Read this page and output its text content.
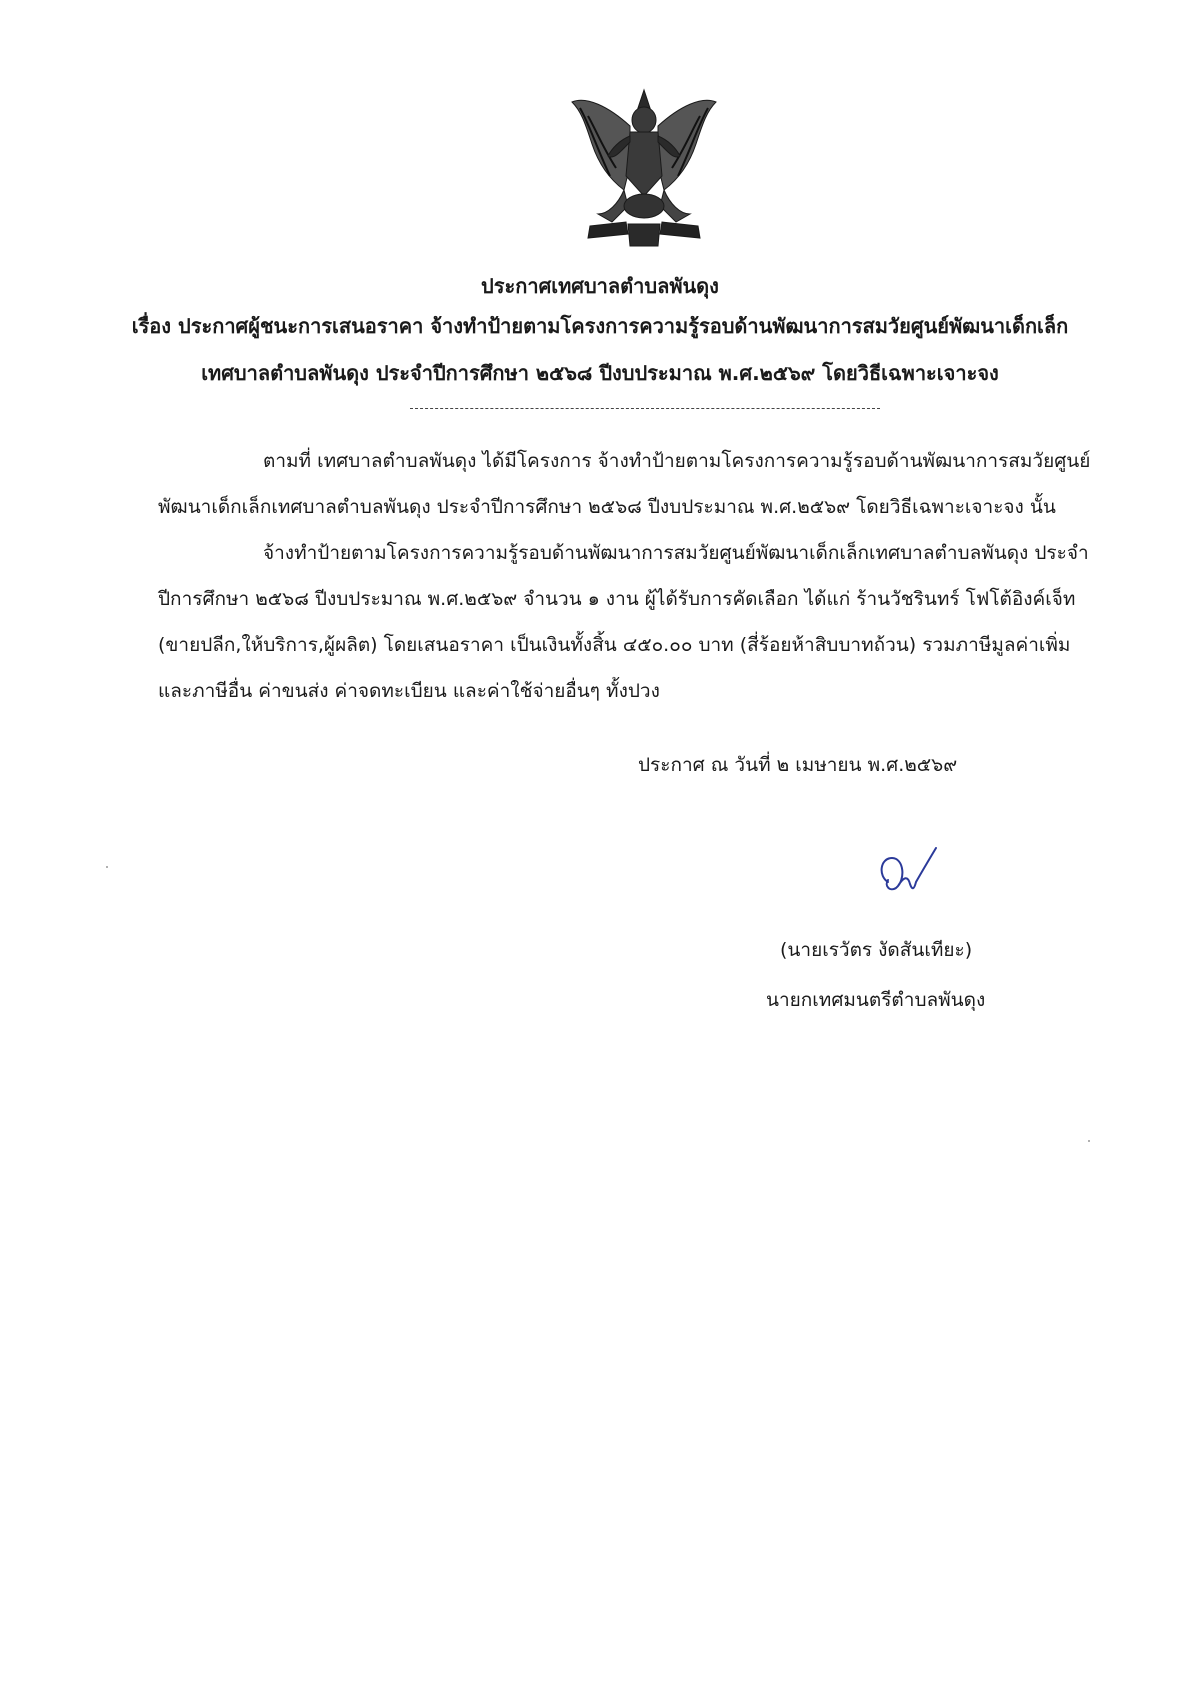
ประกาศเทศบาลตำบลพันดุง
เรื่อง ประกาศผู้ชนะการเสนอราคา จ้างทำป้ายตามโครงการความรู้รอบด้านพัฒนาการสมวัยศูนย์พัฒนาเด็กเล็ก
เทศบาลตำบลพันดุง ประจำปีการศึกษา ๒๕๖๘ ปีงบประมาณ พ.ศ.๒๕๖๙ โดยวิธีเฉพาะเจาะจง
ตามที่ เทศบาลตำบลพันดุง ได้มีโครงการ จ้างทำป้ายตามโครงการความรู้รอบด้านพัฒนาการสมวัยศูนย์
พัฒนาเด็กเล็กเทศบาลตำบลพันดุง ประจำปีการศึกษา ๒๕๖๘ ปีงบประมาณ พ.ศ.๒๕๖๙ โดยวิธีเฉพาะเจาะจง นั้น
จ้างทำป้ายตามโครงการความรู้รอบด้านพัฒนาการสมวัยศูนย์พัฒนาเด็กเล็กเทศบาลตำบลพันดุง ประจำ
ปีการศึกษา ๒๕๖๘ ปีงบประมาณ พ.ศ.๒๕๖๙ จำนวน ๑ งาน ผู้ได้รับการคัดเลือก ได้แก่ ร้านวัชรินทร์ โฟโต้อิงค์เจ็ท
(ขายปลีก,ให้บริการ,ผู้ผลิต) โดยเสนอราคา เป็นเงินทั้งสิ้น ๔๕๐.๐๐ บาท (สี่ร้อยห้าสิบบาทถ้วน) รวมภาษีมูลค่าเพิ่ม
และภาษีอื่น ค่าขนส่ง ค่าจดทะเบียน และค่าใช้จ่ายอื่นๆ ทั้งปวง
ประกาศ ณ วันที่ ๒ เมษายน พ.ศ.๒๕๖๙
(นายเรวัตร งัดสันเทียะ)
นายกเทศมนตรีตำบลพันดุง
